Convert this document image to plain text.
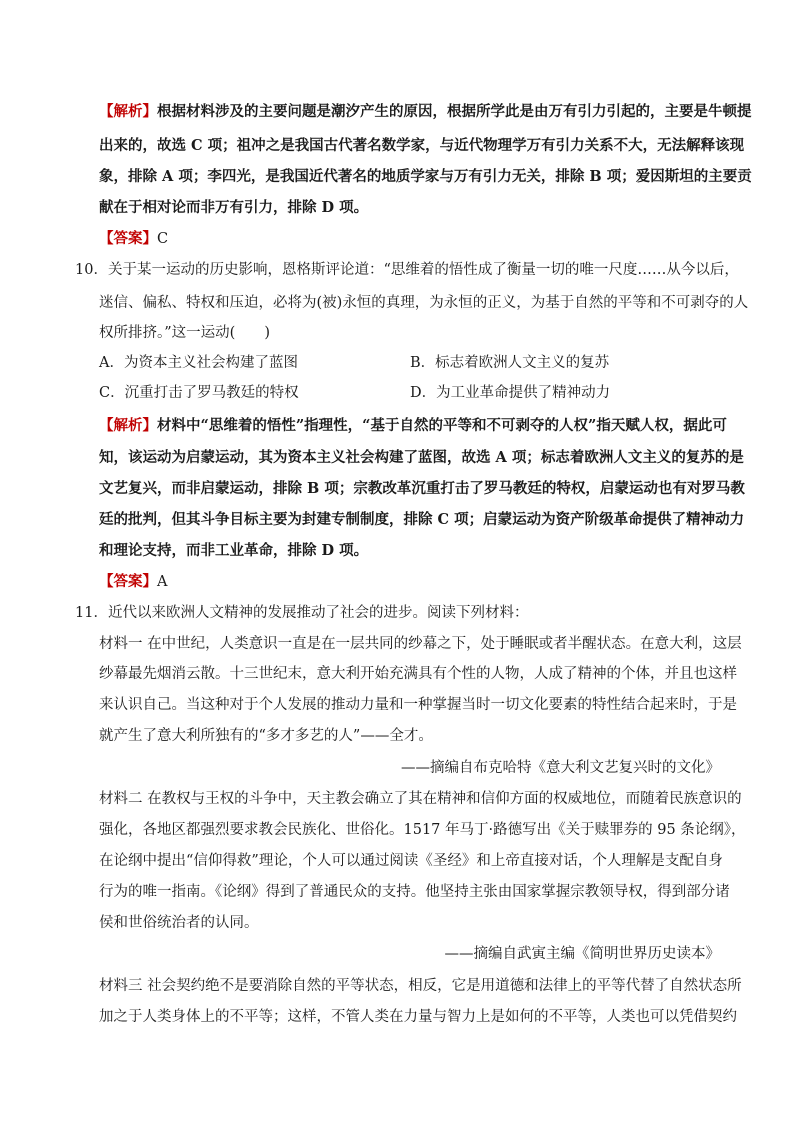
【解析】根据材料涉及的主要问题是潮汐产生的原因，根据所学此是由万有引力引起的，主要是牛顿提
出来的，故选 C 项；祖冲之是我国古代著名数学家，与近代物理学万有引力关系不大，无法解释该现
象，排除 A 项；李四光，是我国近代著名的地质学家与万有引力无关，排除 B 项；爱因斯坦的主要贡
献在于相对论而非万有引力，排除 D 项。
【答案】C
10．关于某一运动的历史影响，恩格斯评论道：“思维着的悟性成了衡量一切的唯一尺度……从今以后，
迷信、偏私、特权和压迫，必将为(被)永恒的真理，为永恒的正义，为基于自然的平等和不可剥夺的人
权所排挤。”这一运动(　　)
A．为资本主义社会构建了蓝图	B．标志着欧洲人文主义的复苏
C．沉重打击了罗马教廷的特权	D．为工业革命提供了精神动力
【解析】材料中“思维着的悟性”指理性，“基于自然的平等和不可剥夺的人权”指天赋人权，据此可
知，该运动为启蒙运动，其为资本主义社会构建了蓝图，故选 A 项；标志着欧洲人文主义的复苏的是
文艺复兴，而非启蒙运动，排除 B 项；宗教改革沉重打击了罗马教廷的特权，启蒙运动也有对罗马教
廷的批判，但其斗争目标主要为封建专制制度，排除 C 项；启蒙运动为资产阶级革命提供了精神动力
和理论支持，而非工业革命，排除 D 项。
【答案】A
11．近代以来欧洲人文精神的发展推动了社会的进步。阅读下列材料：
材料一 在中世纪，人类意识一直是在一层共同的纱幕之下，处于睡眠或者半醒状态。在意大利，这层
纱幕最先烟消云散。十三世纪末，意大利开始充满具有个性的人物，人成了精神的个体，并且也这样
来认识自己。当这种对于个人发展的推动力量和一种掌握当时一切文化要素的特性结合起来时，于是
就产生了意大利所独有的“多才多艺的人”——全才。
——摘编自布克哈特《意大利文艺复兴时的文化》
材料二 在教权与王权的斗争中，天主教会确立了其在精神和信仰方面的权威地位，而随着民族意识的
强化，各地区都强烈要求教会民族化、世俗化。1517 年马丁·路德写出《关于赎罪券的 95 条论纲》，
在论纲中提出“信仰得救”理论，个人可以通过阅读《圣经》和上帝直接对话，个人理解是支配自身
行为的唯一指南。《论纲》得到了普通民众的支持。他坚持主张由国家掌握宗教领导权，得到部分诸
侯和世俗统治者的认同。
——摘编自武寅主编《简明世界历史读本》
材料三 社会契约绝不是要消除自然的平等状态，相反，它是用道德和法律上的平等代替了自然状态所
加之于人类身体上的不平等；这样，不管人类在力量与智力上是如何的不平等，人类也可以凭借契约
